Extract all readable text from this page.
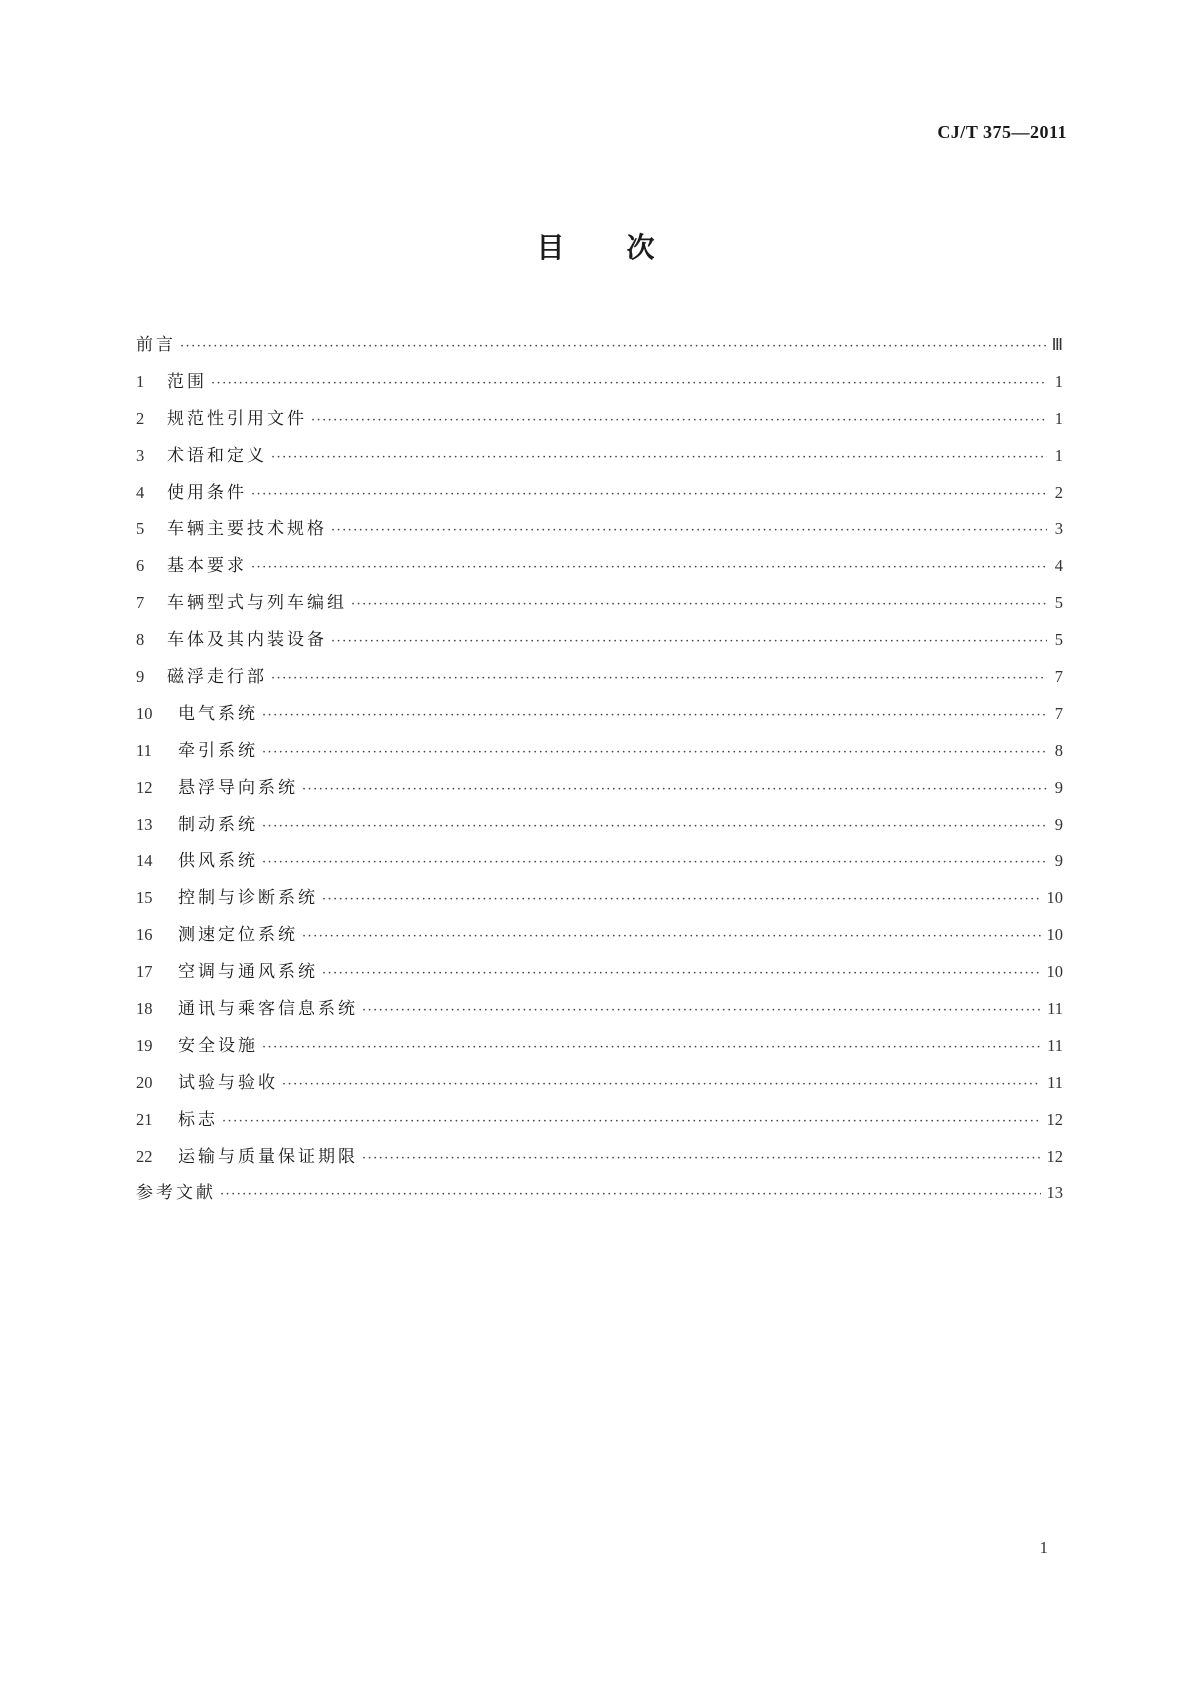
CJ/T 375—2011
目次
前言 ·····	Ⅲ
1	范围 ·····	1
2	规范性引用文件 ·····	1
3	术语和定义 ·····	1
4	使用条件 ·····	2
5	车辆主要技术规格 ·····	3
6	基本要求 ·····	4
7	车辆型式与列车编组 ·····	5
8	车体及其内装设备 ·····	5
9	磁浮走行部 ·····	7
10	电气系统 ·····	7
11	牵引系统 ·····	8
12	悬浮导向系统 ·····	9
13	制动系统 ·····	9
14	供风系统 ·····	9
15	控制与诊断系统 ·····	10
16	测速定位系统 ·····	10
17	空调与通风系统 ·····	10
18	通讯与乘客信息系统 ·····	11
19	安全设施 ·····	11
20	试验与验收 ·····	11
21	标志 ·····	12
22	运输与质量保证期限 ·····	12
参考文献 ·····	13
1
